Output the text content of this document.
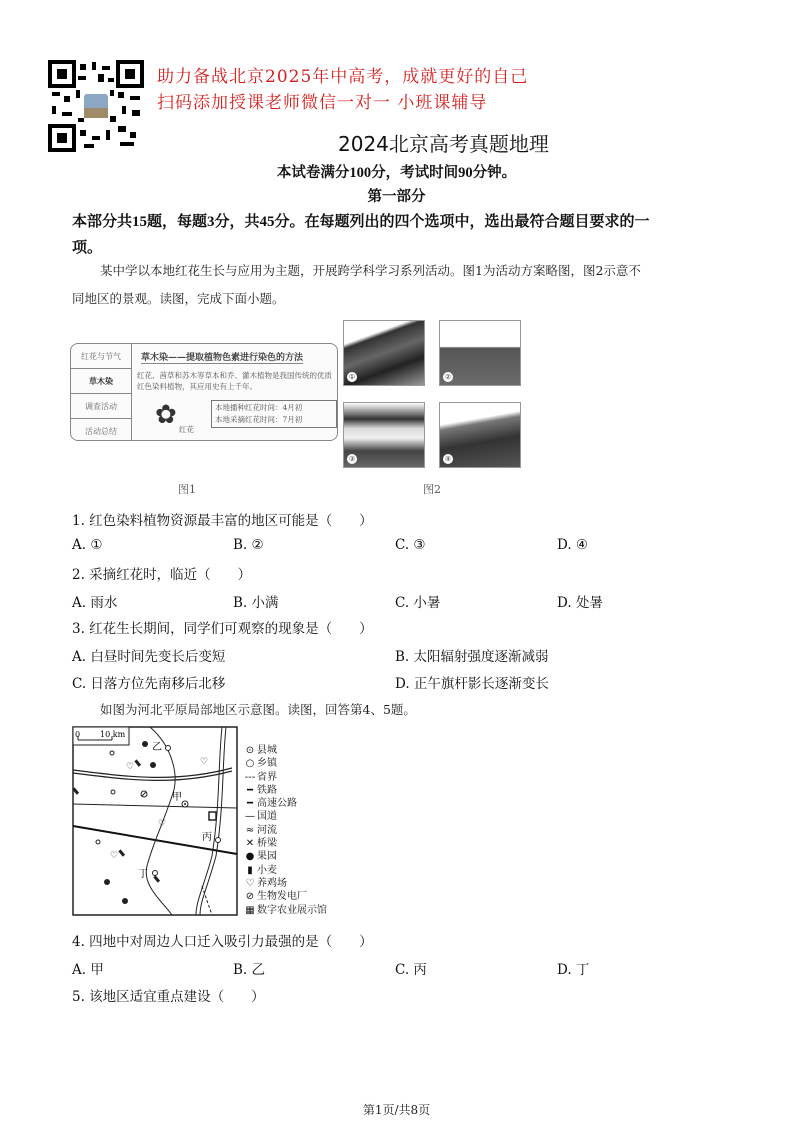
助力备战北京2025年中高考，成就更好的自己
扫码添加授课老师微信一对一 小班课辅导
2024北京高考真题地理
本试卷满分100分，考试时间90分钟。
第一部分
本部分共15题，每题3分，共45分。在每题列出的四个选项中，选出最符合题目要求的一
项。
某中学以本地红花生长与应用为主题，开展跨学科学习系列活动。图1为活动方案略图，图2示意不
同地区的景观。读图，完成下面小题。
红花与节气
草木染
调查活动
活动总结
草木染——提取植物色素进行染色的方法
红花、茜草和苏木等草本和乔、灌木植物是我国传统的优质红色染料植物，其应用史有上千年。
✿ 红花
本地播种红花时间：4月初
本地采摘红花时间：7月初
图1
①	②
③	④
图2
1. 红色染料植物资源最丰富的地区可能是（　　）
A. ①	B. ②	C. ③	D. ④
2. 采摘红花时，临近（　　）
A. 雨水	B. 小满	C. 小暑	D. 处暑
3. 红花生长期间，同学们可观察的现象是（　　）
A. 白昼时间先变长后变短	B. 太阳辐射强度逐渐减弱
C. 日落方位先南移后北移	D. 正午旗杆影长逐渐变长
如图为河北平原局部地区示意图。读图，回答第4、5题。
0 10 km
乙
甲
丙
丁
♡	♡
♡
♡
⊙ 县城
○ 乡镇
--- 省界
━ 铁路
━ 高速公路
— 国道
≈ 河流
✕ 桥梁
● 果园
▮ 小麦
♡ 养鸡场
⊘ 生物发电厂
▦ 数字农业展示馆
4. 四地中对周边人口迁入吸引力最强的是（　　）
A. 甲	B. 乙	C. 丙	D. 丁
5. 该地区适宜重点建设（　　）
第1页/共8页
